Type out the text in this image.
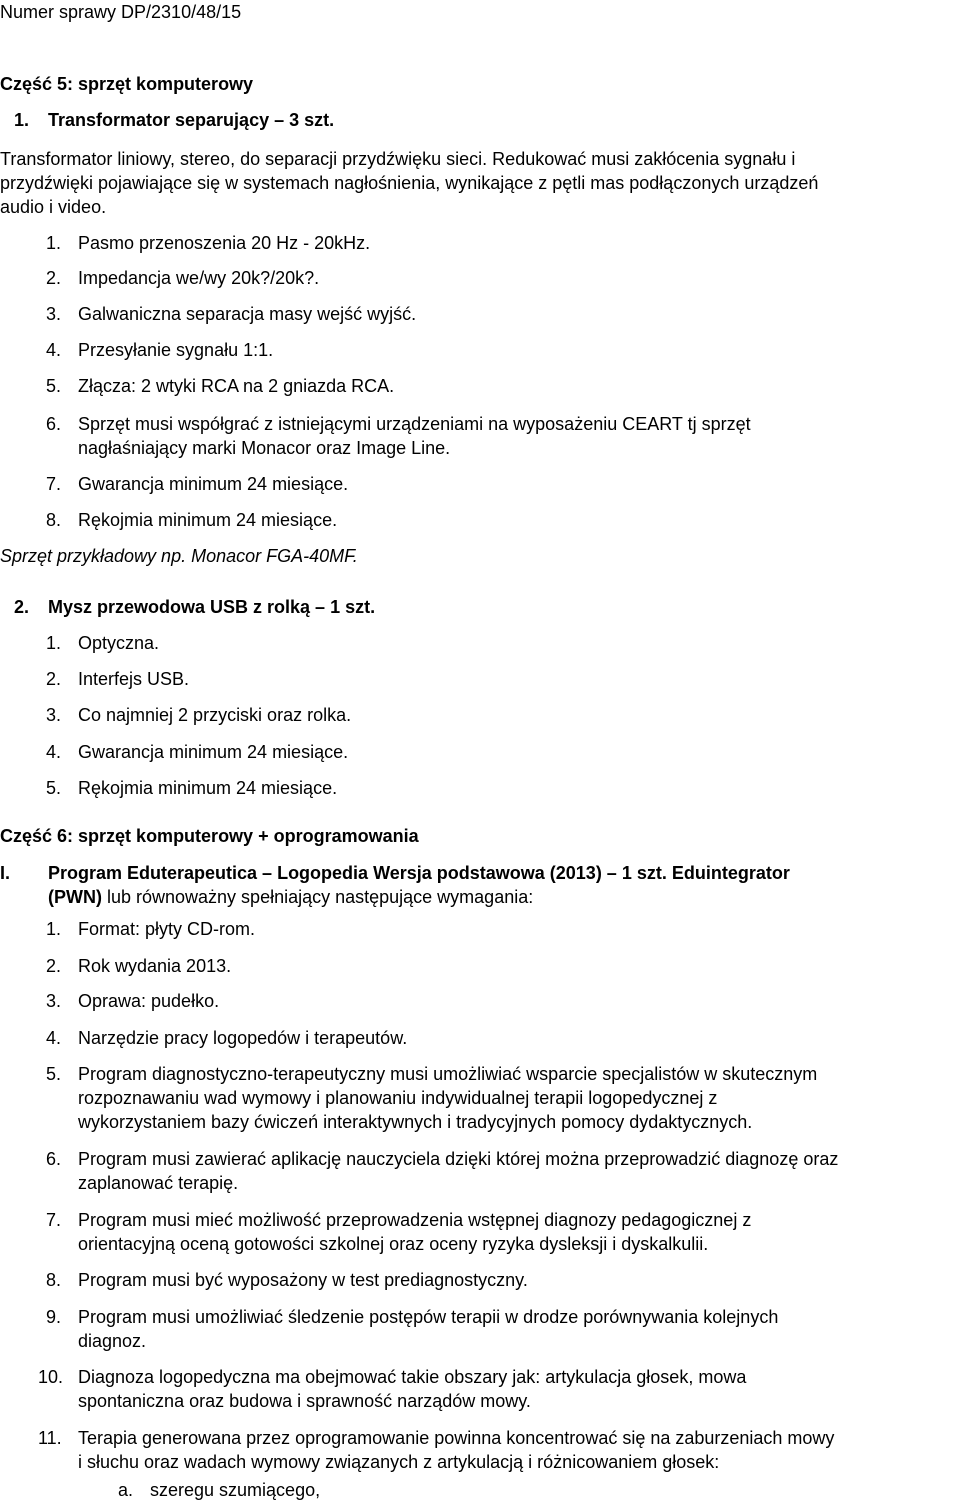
Numer sprawy DP/2310/48/15
Część 5: sprzęt komputerowy
1. Transformator separujący – 3 szt.
Transformator liniowy, stereo, do separacji przydźwięku sieci. Redukować musi zakłócenia sygnału i
przydźwięki pojawiające się w systemach nagłośnienia, wynikające z pętli mas podłączonych urządzeń
audio i video.
1. Pasmo przenoszenia 20 Hz - 20kHz.
2. Impedancja we/wy 20k?/20k?.
3. Galwaniczna separacja masy wejść wyjść.
4. Przesyłanie sygnału 1:1.
5. Złącza: 2 wtyki RCA na 2 gniazda RCA.
6. Sprzęt musi współgrać z istniejącymi urządzeniami na wyposażeniu CEART tj sprzęt
nagłaśniający marki Monacor oraz Image Line.
7. Gwarancja minimum 24 miesiące.
8. Rękojmia minimum 24 miesiące.
Sprzęt przykładowy np. Monacor FGA-40MF.
2. Mysz przewodowa USB z rolką – 1 szt.
1. Optyczna.
2. Interfejs USB.
3. Co najmniej 2 przyciski oraz rolka.
4. Gwarancja minimum 24 miesiące.
5. Rękojmia minimum 24 miesiące.
Część 6: sprzęt komputerowy + oprogramowania
I. Program Eduterapeutica – Logopedia Wersja podstawowa (2013) – 1 szt. Eduintegrator
(PWN) lub równoważny spełniający następujące wymagania:
1. Format: płyty CD-rom.
2. Rok wydania 2013.
3. Oprawa: pudełko.
4. Narzędzie pracy logopedów i terapeutów.
5. Program diagnostyczno-terapeutyczny musi umożliwiać wsparcie specjalistów w skutecznym
rozpoznawaniu wad wymowy i planowaniu indywidualnej terapii logopedycznej z
wykorzystaniem bazy ćwiczeń interaktywnych i tradycyjnych pomocy dydaktycznych.
6. Program musi zawierać aplikację nauczyciela dzięki której można przeprowadzić diagnozę oraz
zaplanować terapię.
7. Program musi mieć możliwość przeprowadzenia wstępnej diagnozy pedagogicznej z
orientacyjną oceną gotowości szkolnej oraz oceny ryzyka dysleksji i dyskalkulii.
8. Program musi być wyposażony w test prediagnostyczny.
9. Program musi umożliwiać śledzenie postępów terapii w drodze porównywania kolejnych
diagnoz.
10. Diagnoza logopedyczna ma obejmować takie obszary jak: artykulacja głosek, mowa
spontaniczna oraz budowa i sprawność narządów mowy.
11. Terapia generowana przez oprogramowanie powinna koncentrować się na zaburzeniach mowy
i słuchu oraz wadach wymowy związanych z artykulacją i różnicowaniem głosek:
a. szeregu szumiącego,
